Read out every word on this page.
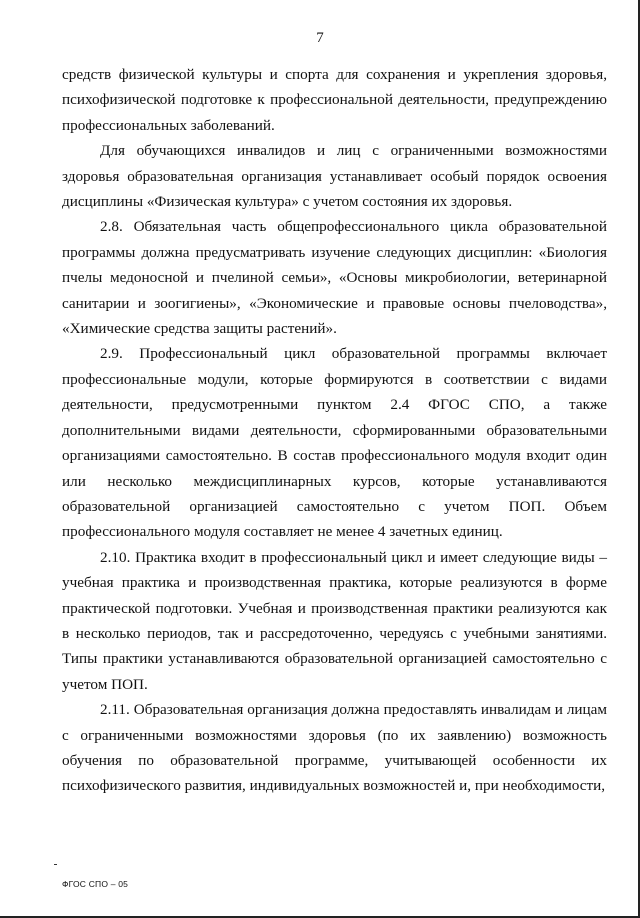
7

средств физической культуры и спорта для сохранения и укрепления здоровья, психофизической подготовке к профессиональной деятельности, предупреждению профессиональных заболеваний.

Для обучающихся инвалидов и лиц с ограниченными возможностями здоровья образовательная организация устанавливает особый порядок освоения дисциплины «Физическая культура» с учетом состояния их здоровья.

2.8. Обязательная часть общепрофессионального цикла образовательной программы должна предусматривать изучение следующих дисциплин: «Биология пчелы медоносной и пчелиной семьи», «Основы микробиологии, ветеринарной санитарии и зоогигиены», «Экономические и правовые основы пчеловодства», «Химические средства защиты растений».

2.9. Профессиональный цикл образовательной программы включает профессиональные модули, которые формируются в соответствии с видами деятельности, предусмотренными пунктом 2.4 ФГОС СПО, а также дополнительными видами деятельности, сформированными образовательными организациями самостоятельно. В состав профессионального модуля входит один или несколько междисциплинарных курсов, которые устанавливаются образовательной организацией самостоятельно с учетом ПОП. Объем профессионального модуля составляет не менее 4 зачетных единиц.

2.10. Практика входит в профессиональный цикл и имеет следующие виды – учебная практика и производственная практика, которые реализуются в форме практической подготовки. Учебная и производственная практики реализуются как в несколько периодов, так и рассредоточенно, чередуясь с учебными занятиями. Типы практики устанавливаются образовательной организацией самостоятельно с учетом ПОП.

2.11. Образовательная организация должна предоставлять инвалидам и лицам с ограниченными возможностями здоровья (по их заявлению) возможность обучения по образовательной программе, учитывающей особенности их психофизического развития, индивидуальных возможностей и, при необходимости,

ФГОС СПО – 05
